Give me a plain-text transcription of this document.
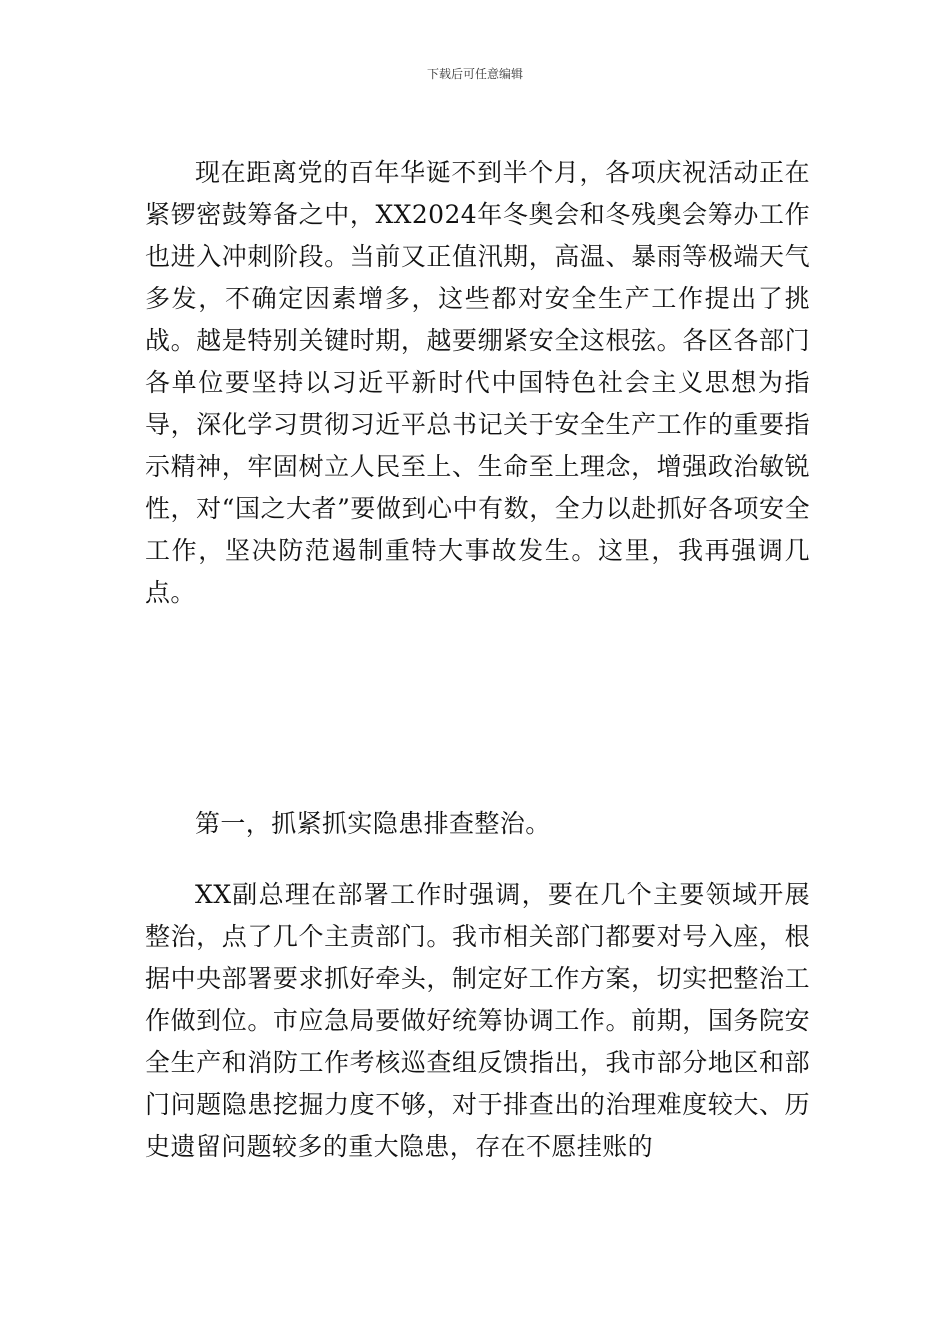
下载后可任意编辑

现在距离党的百年华诞不到半个月，各项庆祝活动正在紧锣密鼓筹备之中，XX2024年冬奥会和冬残奥会筹办工作也进入冲刺阶段。当前又正值汛期，高温、暴雨等极端天气多发，不确定因素增多，这些都对安全生产工作提出了挑战。越是特别关键时期，越要绷紧安全这根弦。各区各部门各单位要坚持以习近平新时代中国特色社会主义思想为指导，深化学习贯彻习近平总书记关于安全生产工作的重要指示精神，牢固树立人民至上、生命至上理念，增强政治敏锐性，对“国之大者”要做到心中有数，全力以赴抓好各项安全工作，坚决防范遏制重特大事故发生。这里，我再强调几点。

第一，抓紧抓实隐患排查整治。

XX副总理在部署工作时强调，要在几个主要领域开展整治，点了几个主责部门。我市相关部门都要对号入座，根据中央部署要求抓好牵头，制定好工作方案，切实把整治工作做到位。市应急局要做好统筹协调工作。前期，国务院安全生产和消防工作考核巡查组反馈指出，我市部分地区和部门问题隐患挖掘力度不够，对于排查出的治理难度较大、历史遗留问题较多的重大隐患，存在不愿挂账的
